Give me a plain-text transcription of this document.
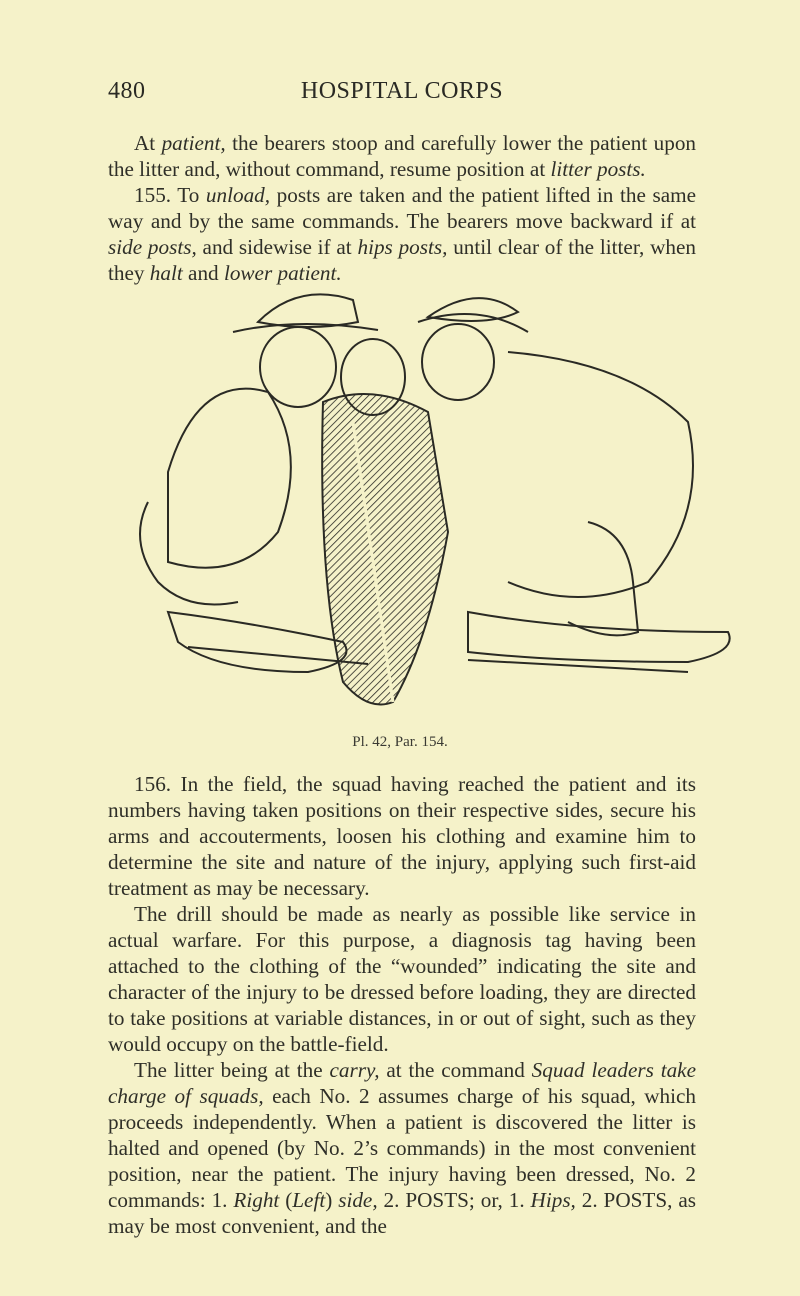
480	HOSPITAL CORPS

At patient, the bearers stoop and carefully lower the patient upon the litter and, without command, resume position at litter posts.

155. To unload, posts are taken and the patient lifted in the same way and by the same commands. The bearers move backward if at side posts, and sidewise if at hips posts, until clear of the litter, when they halt and lower patient.

Pl. 42, Par. 154.

156. In the field, the squad having reached the patient and its numbers having taken positions on their respective sides, secure his arms and accouterments, loosen his clothing and examine him to determine the site and nature of the injury, applying such first-aid treatment as may be necessary.

The drill should be made as nearly as possible like service in actual warfare. For this purpose, a diagnosis tag having been attached to the clothing of the “wounded” indicating the site and character of the injury to be dressed before loading, they are directed to take positions at variable distances, in or out of sight, such as they would occupy on the battle-field.

The litter being at the carry, at the command Squad leaders take charge of squads, each No. 2 assumes charge of his squad, which proceeds independently. When a patient is discovered the litter is halted and opened (by No. 2’s commands) in the most convenient position, near the patient. The injury having been dressed, No. 2 commands: 1. Right (Left) side, 2. POSTS; or, 1. Hips, 2. POSTS, as may be most convenient, and the
